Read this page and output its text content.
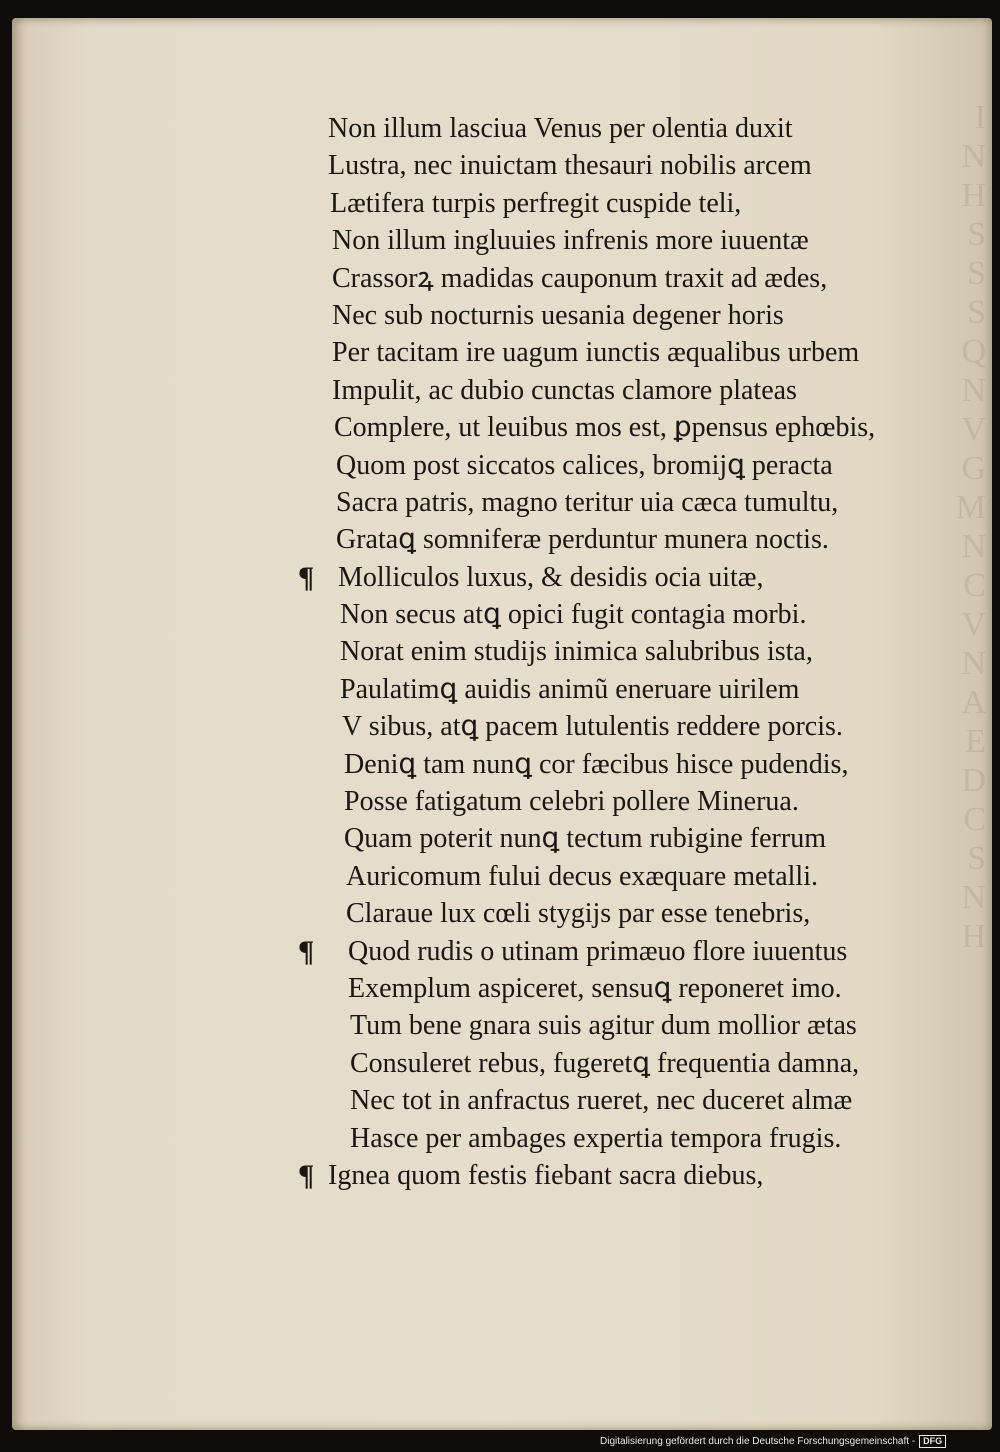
I
N
H
S
S
S
Q
N
V
G
M
N
C
V
N
A
E
D
C
S
N
H
Non illum lasciua Venus per olentia duxit
Lustra, nec inuictam thesauri nobilis arcem
Lætifera turpis perfregit cuspide teli,
Non illum ingluuies infrenis more iuuentæ
Crassorꝝ madidas cauponum traxit ad ædes,
Nec sub nocturnis uesania degener horis
Per tacitam ire uagum iunctis æqualibus urbem
Impulit, ac dubio cunctas clamore plateas
Complere, ut leuibus mos est, ꝑpensus ephœbis,
Quom post siccatos calices, bromijꝗ peracta
Sacra patris, magno teritur uia cæca tumultu,
Grataꝗ somniferæ perduntur munera noctis.
¶ Molliculos luxus, & desidis ocia uitæ,
Non secus atꝗ opici fugit contagia morbi.
Norat enim studijs inimica salubribus ista,
Paulatimꝗ auidis animũ eneruare uirilem
V sibus, atꝗ pacem lutulentis reddere porcis.
Deniꝗ tam nunꝗ cor fæcibus hisce pudendis,
Posse fatigatum celebri pollere Minerua.
Quam poterit nunꝗ tectum rubigine ferrum
Auricomum fului decus exæquare metalli.
Claraue lux cœli stygijs par esse tenebris,
¶ Quod rudis o utinam primæuo flore iuuentus
Exemplum aspiceret, sensuꝗ reponeret imo.
Tum bene gnara suis agitur dum mollior ætas
Consuleret rebus, fugeretꝗ frequentia damna,
Nec tot in anfractus rueret, nec duceret almæ
Hasce per ambages expertia tempora frugis.
¶ Ignea quom festis fiebant sacra diebus,
Digitalisierung gefördert durch die Deutsche Forschungsgemeinschaft - DFG
